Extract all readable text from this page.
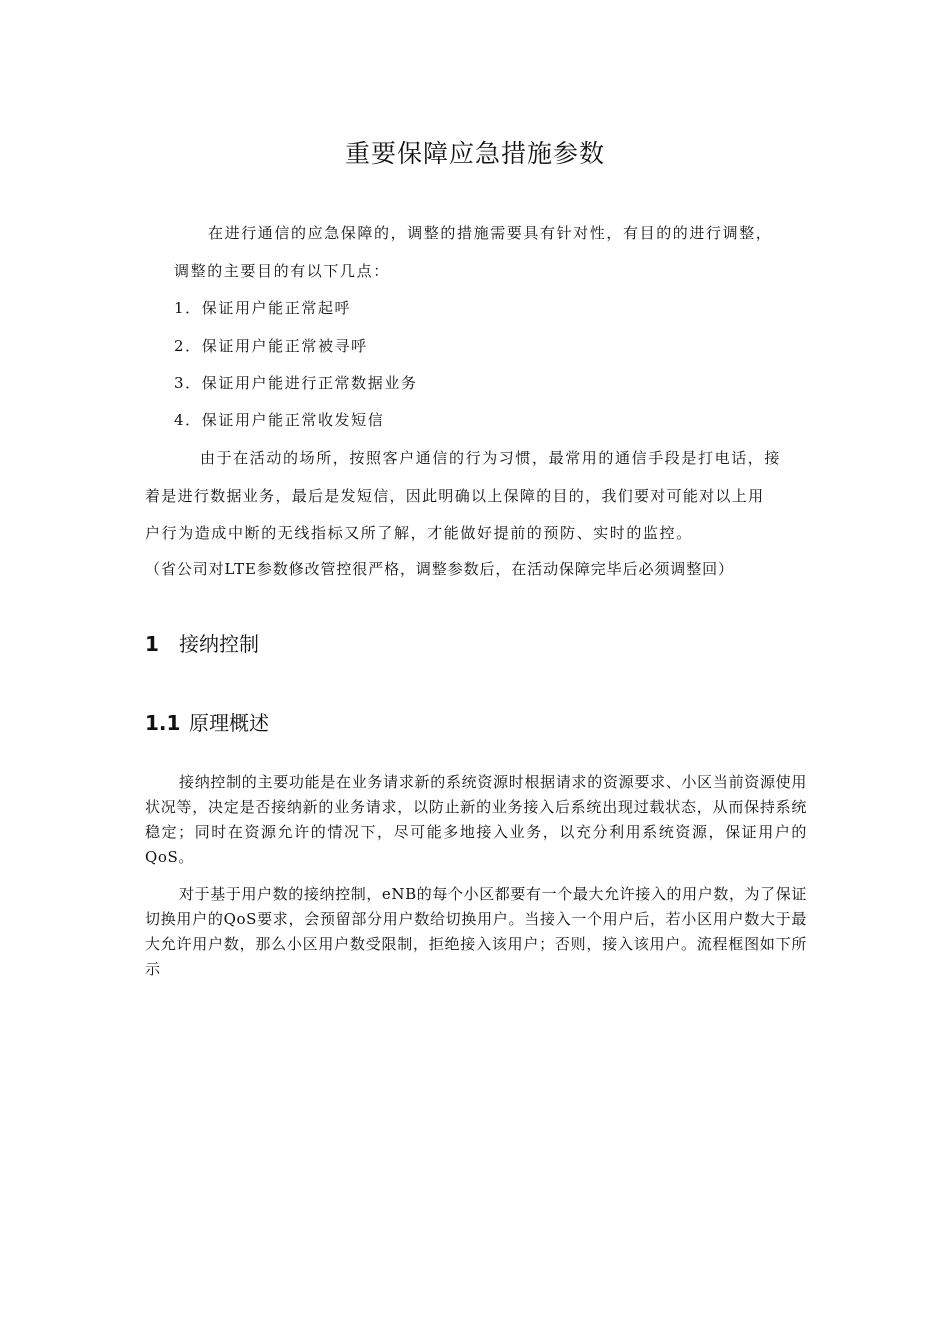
重要保障应急措施参数
在进行通信的应急保障的，调整的措施需要具有针对性，有目的的进行调整，
调整的主要目的有以下几点：
1．保证用户能正常起呼
2．保证用户能正常被寻呼
3．保证用户能进行正常数据业务
4．保证用户能正常收发短信
由于在活动的场所，按照客户通信的行为习惯，最常用的通信手段是打电话，接
着是进行数据业务，最后是发短信，因此明确以上保障的目的，我们要对可能对以上用
户行为造成中断的无线指标又所了解，才能做好提前的预防、实时的监控。
（省公司对LTE参数修改管控很严格，调整参数后，在活动保障完毕后必须调整回）
1 接纳控制
1.1 原理概述
接纳控制的主要功能是在业务请求新的系统资源时根据请求的资源要求、小区当前资源使用状况等，决定是否接纳新的业务请求，以防止新的业务接入后系统出现过载状态，从而保持系统稳定；同时在资源允许的情况下，尽可能多地接入业务，以充分利用系统资源，保证用户的QoS。
对于基于用户数的接纳控制，eNB的每个小区都要有一个最大允许接入的用户数，为了保证切换用户的QoS要求，会预留部分用户数给切换用户。当接入一个用户后，若小区用户数大于最大允许用户数，那么小区用户数受限制，拒绝接入该用户；否则，接入该用户。流程框图如下所示
